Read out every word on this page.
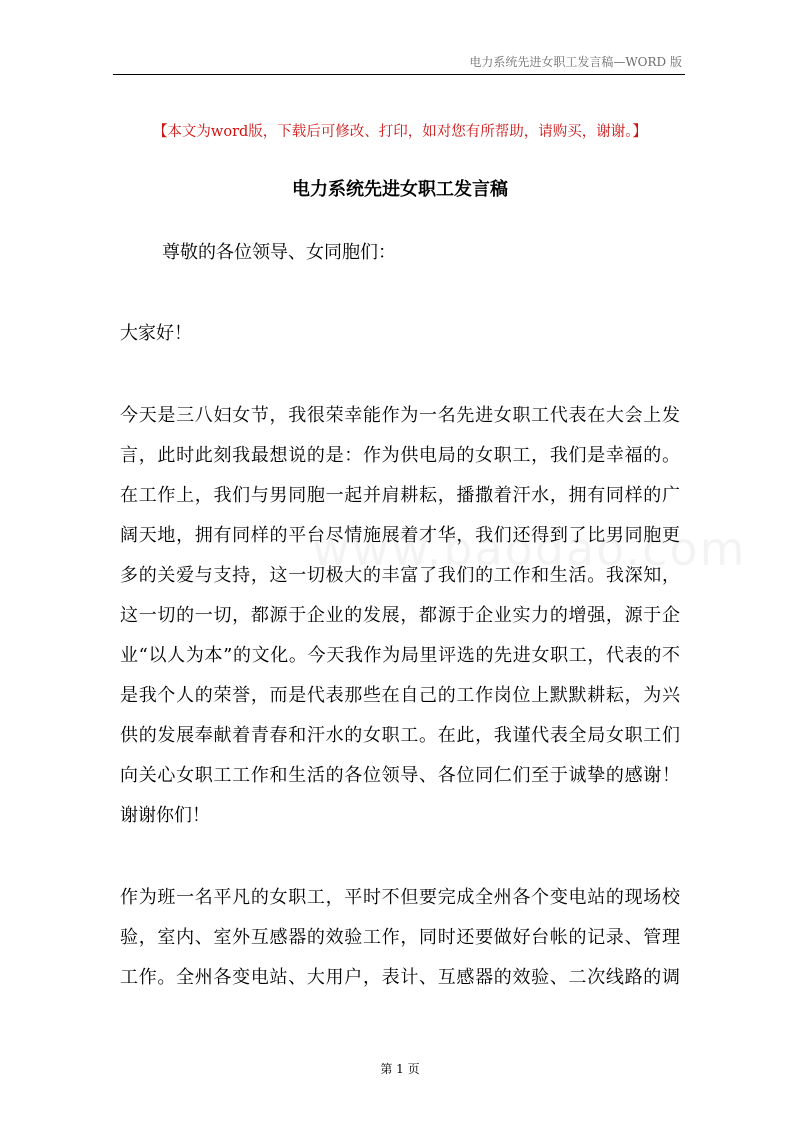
电力系统先进女职工发言稿—WORD 版
【本文为word版，下载后可修改、打印，如对您有所帮助，请购买，谢谢。】
电力系统先进女职工发言稿
尊敬的各位领导、女同胞们：
大家好！
今天是三八妇女节，我很荣幸能作为一名先进女职工代表在大会上发
言，此时此刻我最想说的是：作为供电局的女职工，我们是幸福的。
在工作上，我们与男同胞一起并肩耕耘，播撒着汗水，拥有同样的广
阔天地，拥有同样的平台尽情施展着才华，我们还得到了比男同胞更
多的关爱与支持，这一切极大的丰富了我们的工作和生活。我深知，
这一切的一切，都源于企业的发展，都源于企业实力的增强，源于企
业“以人为本”的文化。今天我作为局里评选的先进女职工，代表的不
是我个人的荣誉，而是代表那些在自己的工作岗位上默默耕耘，为兴
供的发展奉献着青春和汗水的女职工。在此，我谨代表全局女职工们
向关心女职工工作和生活的各位领导、各位同仁们至于诚挚的感谢！
谢谢你们！
作为班一名平凡的女职工，平时不但要完成全州各个变电站的现场校
验，室内、室外互感器的效验工作，同时还要做好台帐的记录、管理
工作。全州各变电站、大用户，表计、互感器的效验、二次线路的调
第 1 页
